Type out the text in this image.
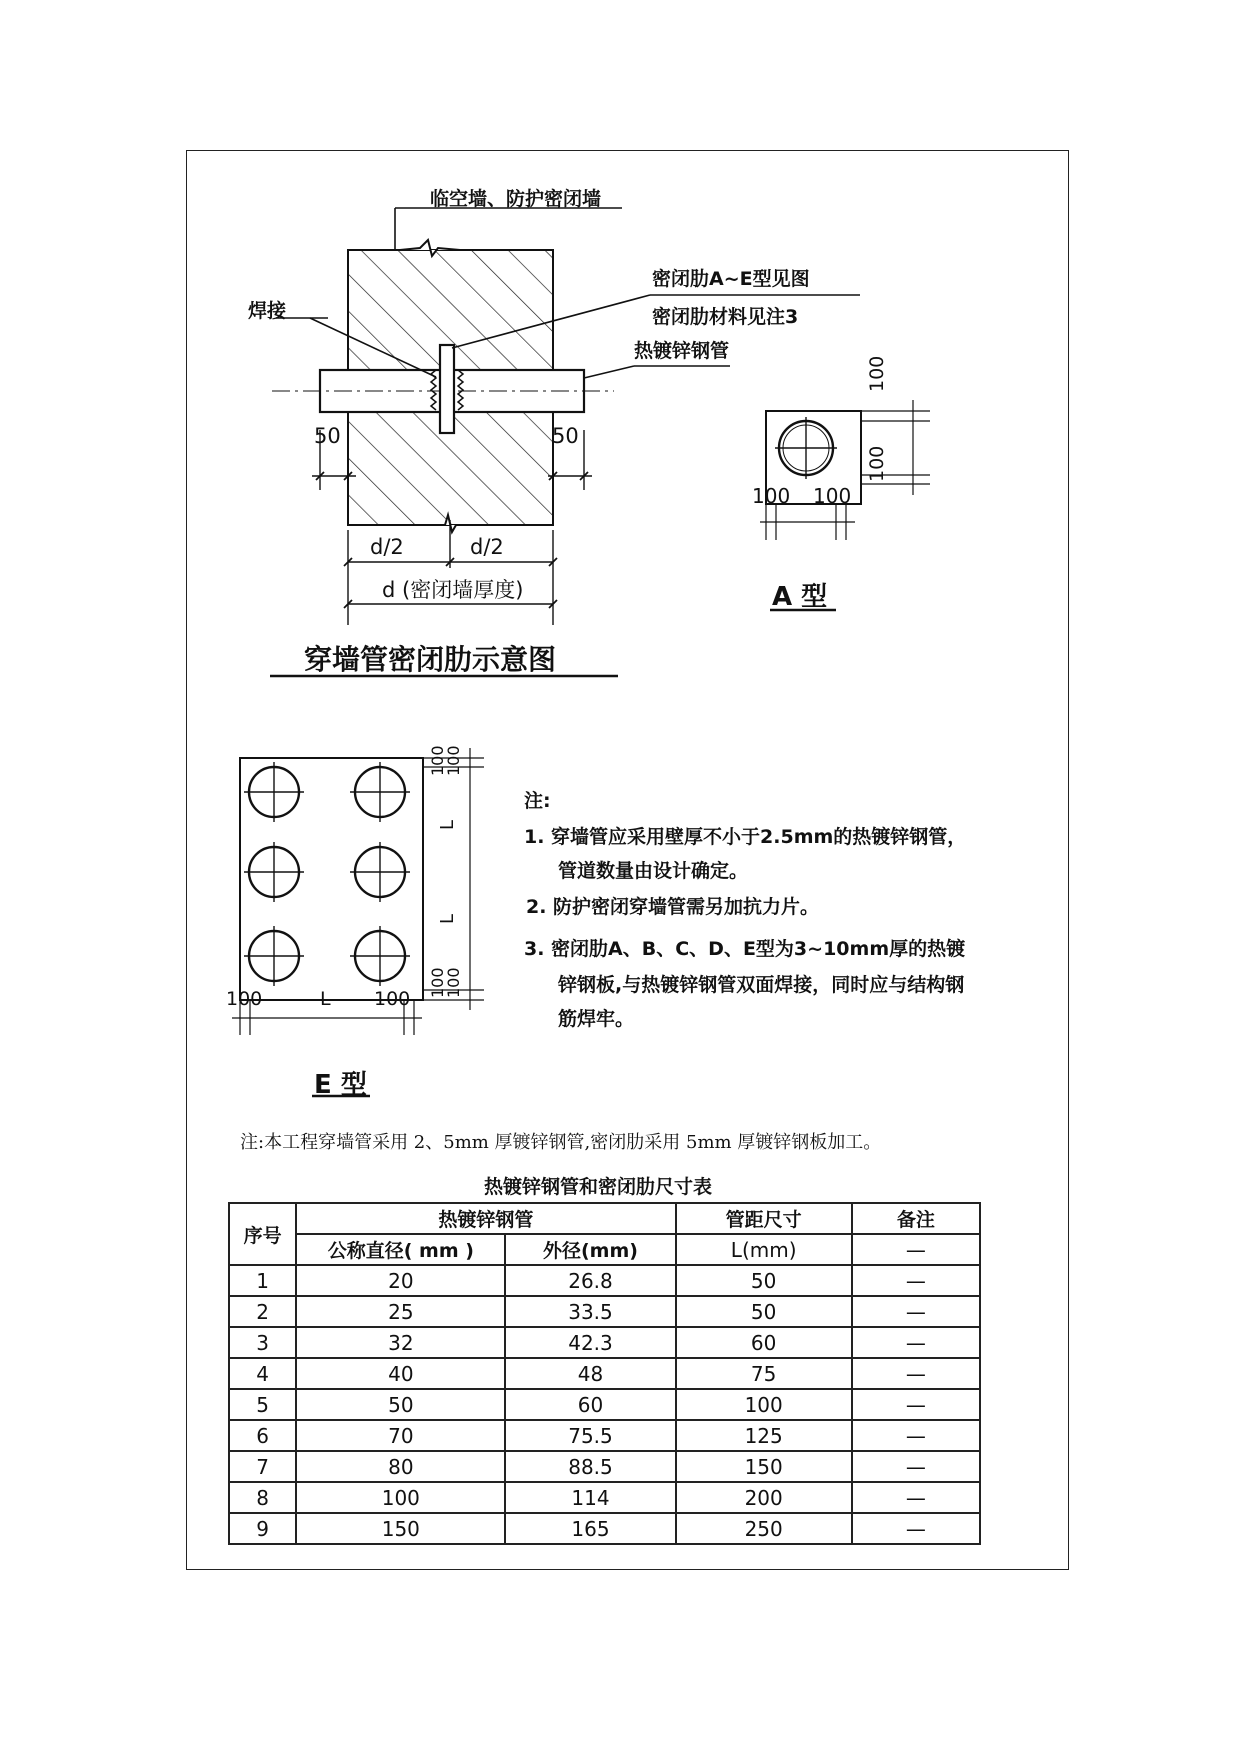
临空墙、防护密闭墙
焊接
密闭肋A~E型见图
密闭肋材料见注3
热镀锌钢管
50	50
d/2	d/2
d (密闭墙厚度)
穿墙管密闭肋示意图
100
100
100 100
A 型
100
100
L
L
100
100
100	L 100
E 型
注:
1. 穿墙管应采用壁厚不小于2.5mm的热镀锌钢管，
管道数量由设计确定。
2. 防护密闭穿墙管需另加抗力片。
3. 密闭肋A、B、C、D、E型为3~10mm厚的热镀
锌钢板,与热镀锌钢管双面焊接，同时应与结构钢
筋焊牢。
注:本工程穿墙管采用 2、5mm 厚镀锌钢管,密闭肋采用 5mm 厚镀锌钢板加工。
热镀锌钢管和密闭肋尺寸表
序号	热镀锌钢管		管距尺寸	备注
	公称直径( mm )	外径(mm)	L(mm)	—
1	20	26.8	50	—
2	25	33.5	50	—
3	32	42.3	60	—
4	40	48	75	—
5	50	60	100	—
6	70	75.5	125	—
7	80	88.5	150	—
8	100	114	200	—
9	150	165	250	—
